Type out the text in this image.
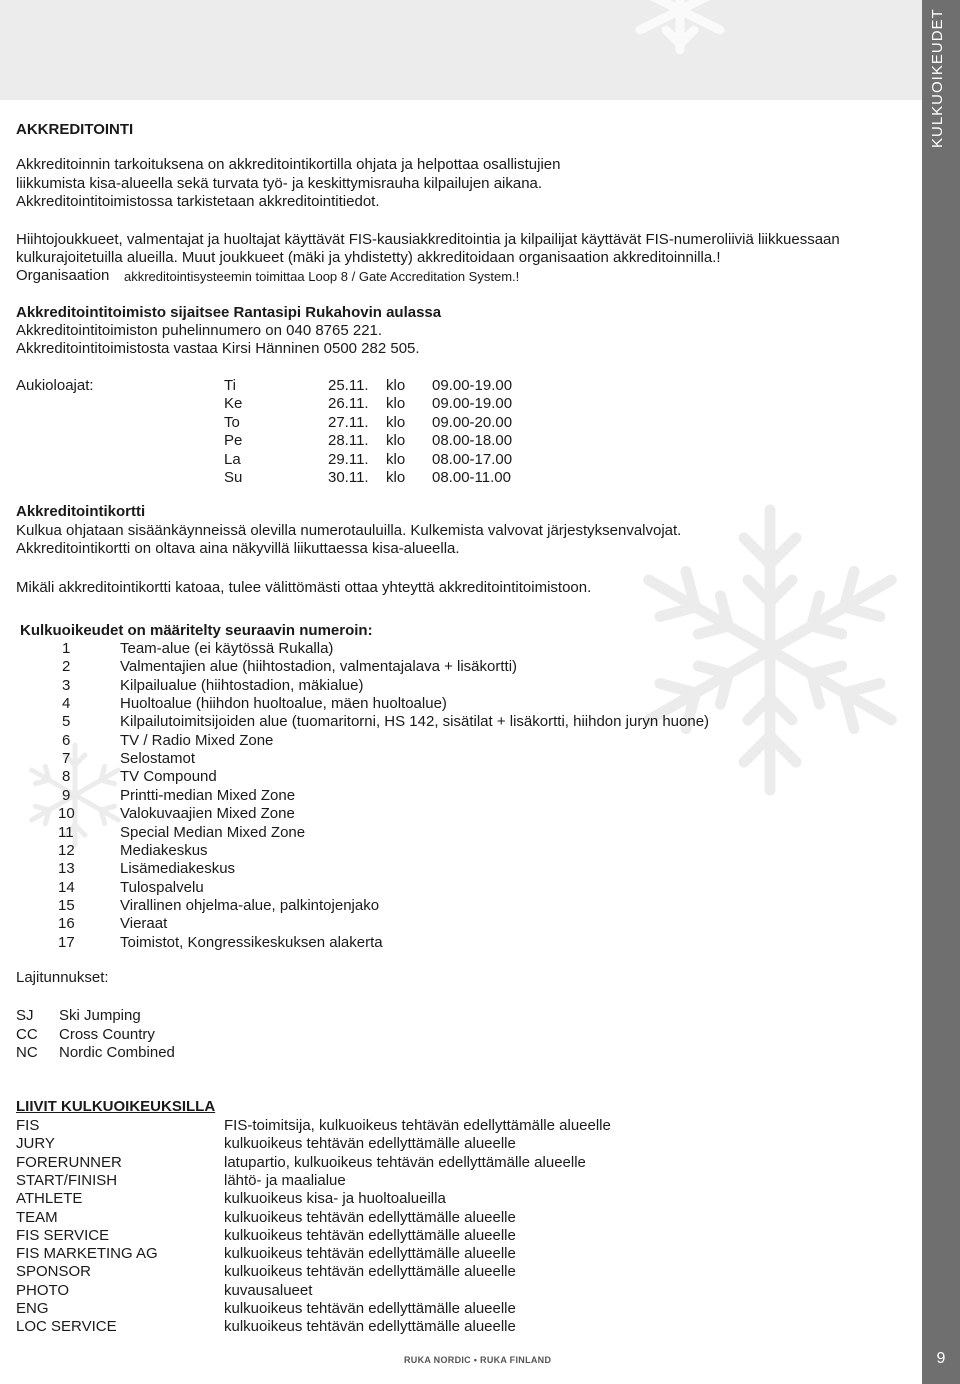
KULKUOIKEUDET
9
RUKA NORDIC • RUKA FINLAND

AKKREDITOINTI

Akkreditoinnin tarkoituksena on akkreditointikortilla ohjata ja helpottaa osallistujien

liikkumista kisa-alueella sekä turvata työ- ja keskittymisrauha kilpailujen aikana.

Akkreditointitoimistossa tarkistetaan akkreditointitiedot.

Hiihtojoukkueet, valmentajat ja huoltajat käyttävät FIS-kausiakkreditointia ja kilpailijat käyttävät FIS-numeroliiviä liikkuessaan

kulkurajoitetuilla alueilla. Muut joukkueet (mäki ja yhdistetty) akkreditoidaan organisaation akkreditoinnilla.!

Organisaation akkreditointisysteemin toimittaa Loop 8 / Gate Accreditation System.!

Akkreditointitoimisto sijaitsee Rantasipi Rukahovin aulassa

Akkreditointitoimiston puhelinnumero on 040 8765 221.

Akkreditointitoimistosta vastaa Kirsi Hänninen 0500 282 505.

Aukioloajat:	Ti	25.11. klo 09.00-19.00
Ke	26.11. klo 09.00-19.00
To	27.11. klo 09.00-20.00
Pe	28.11. klo 08.00-18.00
La	29.11. klo 08.00-17.00
Su	30.11. klo 08.00-11.00

Akkreditointikortti

Kulkua ohjataan sisäänkäynneissä olevilla numerotauluilla. Kulkemista valvovat järjestyksenvalvojat.

Akkreditointikortti on oltava aina näkyvillä liikuttaessa kisa-alueella.

Mikäli akkreditointikortti katoaa, tulee välittömästi ottaa yhteyttä akkreditointitoimistoon.

Kulkuoikeudet on määritelty seuraavin numeroin:

1	Team-alue (ei käytössä Rukalla)
2	Valmentajien alue (hiihtostadion, valmentajalava + lisäkortti)
3	Kilpailualue (hiihtostadion, mäkialue)
4	Huoltoalue (hiihdon huoltoalue, mäen huoltoalue)
5	Kilpailutoimitsijoiden alue (tuomaritorni, HS 142, sisätilat + lisäkortti, hiihdon juryn huone)
6	TV / Radio Mixed Zone
7	Selostamot
8	TV Compound
9	Printti-median Mixed Zone
10	Valokuvaajien Mixed Zone
11	Special Median Mixed Zone
12	Mediakeskus
13	Lisämediakeskus
14	Tulospalvelu
15	Virallinen ohjelma-alue, palkintojenjako
16	Vieraat
17	Toimistot, Kongressikeskuksen alakerta

Lajitunnukset:

SJ Ski Jumping
CC Cross Country
NC Nordic Combined

LIIVIT KULKUOIKEUKSILLA

FIS	FIS-toimitsija, kulkuoikeus tehtävän edellyttämälle alueelle
JURY	kulkuoikeus tehtävän edellyttämälle alueelle
FORERUNNER	latupartio, kulkuoikeus tehtävän edellyttämälle alueelle
START/FINISH	lähtö- ja maalialue
ATHLETE	kulkuoikeus kisa- ja huoltoalueilla
TEAM	kulkuoikeus tehtävän edellyttämälle alueelle
FIS SERVICE	kulkuoikeus tehtävän edellyttämälle alueelle
FIS MARKETING AG	kulkuoikeus tehtävän edellyttämälle alueelle
SPONSOR	kulkuoikeus tehtävän edellyttämälle alueelle
PHOTO	kuvausalueet
ENG	kulkuoikeus tehtävän edellyttämälle alueelle
LOC SERVICE	kulkuoikeus tehtävän edellyttämälle alueelle
